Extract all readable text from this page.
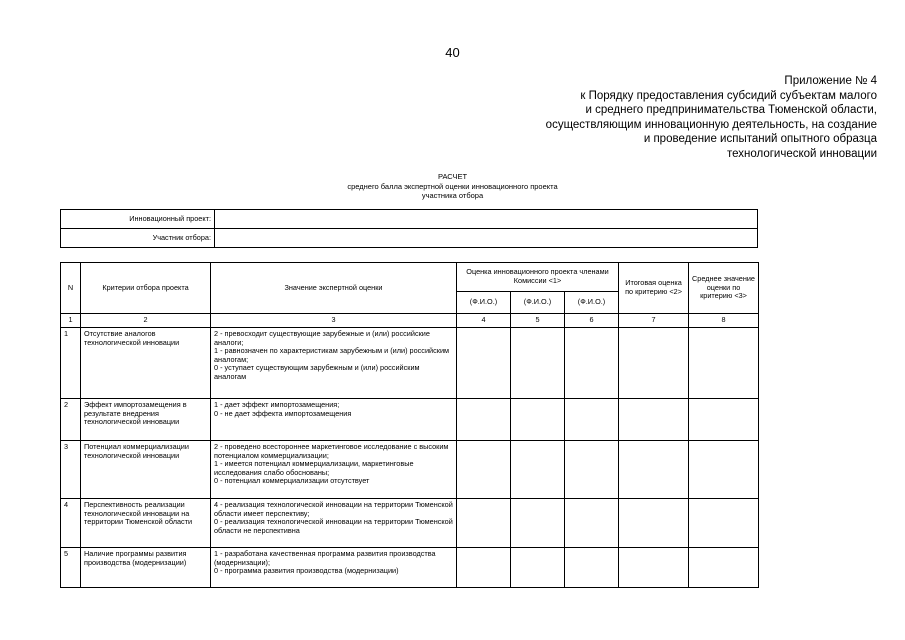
40
Приложение № 4
к Порядку предоставления субсидий субъектам малого
и среднего предпринимательства Тюменской области,
осуществляющим инновационную деятельность, на создание
и проведение испытаний опытного образца
технологической инновации
РАСЧЕТ
среднего балла экспертной оценки инновационного проекта
участника отбора
Инновационный проект:	
Участник отбора:	
N	Критерии отбора проекта	Значение экспертной оценки	Оценка инновационного проекта членами Комиссии <1>			Итоговая оценка по критерию <2>	Среднее значение оценки по критерию <3>
			(Ф.И.О.)	(Ф.И.О.)	(Ф.И.О.)		
1	2	3	4	5	6	7	8
1	Отсутствие аналогов технологической инновации	2 - превосходит существующие зарубежные и (или) российские аналоги;
1 - равнозначен по характеристикам зарубежным и (или) российским аналогам;
0 - уступает существующим зарубежным и (или) российским аналогам					
2	Эффект импортозамещения в результате внедрения технологической инновации	1 - дает эффект импортозамещения;
0 - не дает эффекта импортозамещения					
3	Потенциал коммерциализации технологической инновации	2 - проведено всестороннее маркетинговое исследование с высоким потенциалом коммерциализации;
1 - имеется потенциал коммерциализации, маркетинговые исследования слабо обоснованы;
0 - потенциал коммерциализации отсутствует					
4	Перспективность реализации технологической инновации на территории Тюменской области	4 - реализация технологической инновации на территории Тюменской области имеет перспективу;
0 - реализация технологической инновации на территории Тюменской области не перспективна					
5	Наличие программы развития производства (модернизации)	1 - разработана качественная программа развития производства (модернизации);
0 - программа развития производства (модернизации)					
